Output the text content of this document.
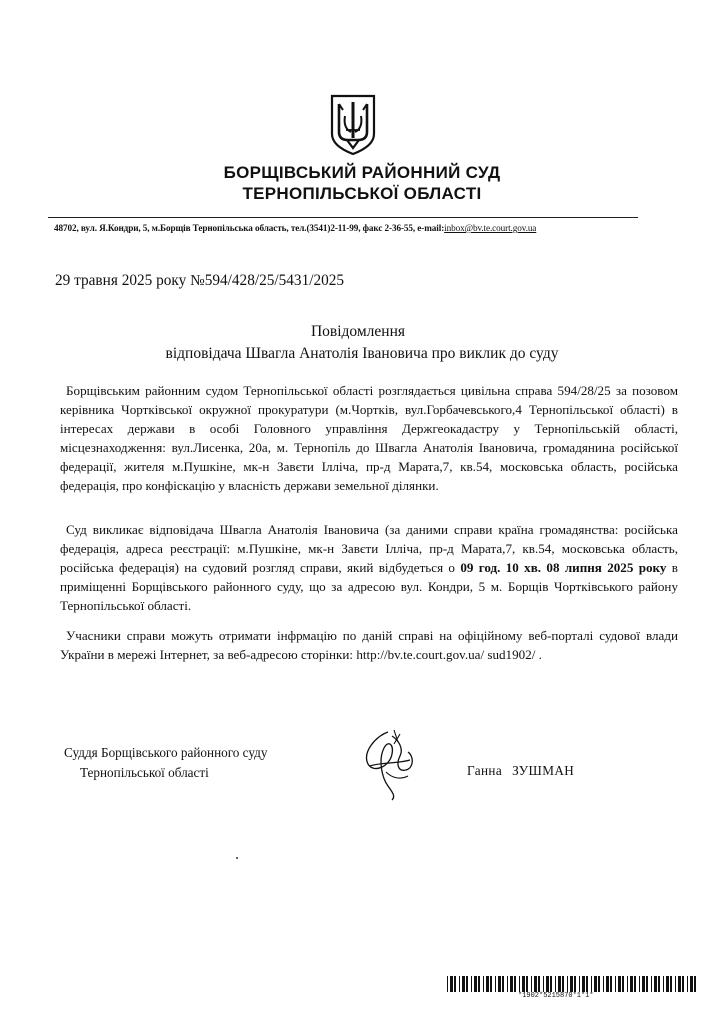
БОРЩІВСЬКИЙ РАЙОННИЙ СУД
ТЕРНОПІЛЬСЬКОЇ ОБЛАСТІ
48702, вул. Я.Кондри, 5, м.Борщів Тернопільська область, тел.(3541)2-11-99, факс 2-36-55, e-mail:inbox@bv.te.court.gov.ua
29 травня 2025 року №594/428/25/5431/2025
Повідомлення
відповідача Швагла Анатолія Івановича про виклик до суду

Борщівським районним судом Тернопільської області розглядається цивільна справа 594/28/25 за позовом керівника Чортківської окружної прокуратури (м.Чортків, вул.Горбачевського,4 Тернопільської області) в інтересах держави в особі Головного управління Держгеокадастру у Тернопільській області, місцезнаходження: вул.Лисенка, 20а, м. Тернопіль до Швагла Анатолія Івановича, громадянина російської федерації, жителя м.Пушкіне, мк-н Завєти Ілліча, пр-д Марата,7, кв.54, московська область, російська федерація, про конфіскацію у власність держави земельної ділянки.

Суд викликає відповідача Швагла Анатолія Івановича (за даними справи країна громадянства: російська федерація, адреса реєстрації: м.Пушкіне, мк-н Завєти Ілліча, пр-д Марата,7, кв.54, московська область, російська федерація) на судовий розгляд справи, який відбудеться о 09 год. 10 хв. 08 липня 2025 року в приміщенні Борщівського районного суду, що за адресою вул. Кондри, 5 м. Борщів Чортківського району Тернопільської області.

Учасники справи можуть отримати інфрмацію по даній справі на офіційному веб-порталі судової влади України в мережі Інтернет, за веб-адресою сторінки: http://bv.te.court.gov.ua/ sud1902/ .

Суддя Борщівського районного суду
Тернопільської області	Ганна ЗУШМАН
*1902*5215870*1*1*
